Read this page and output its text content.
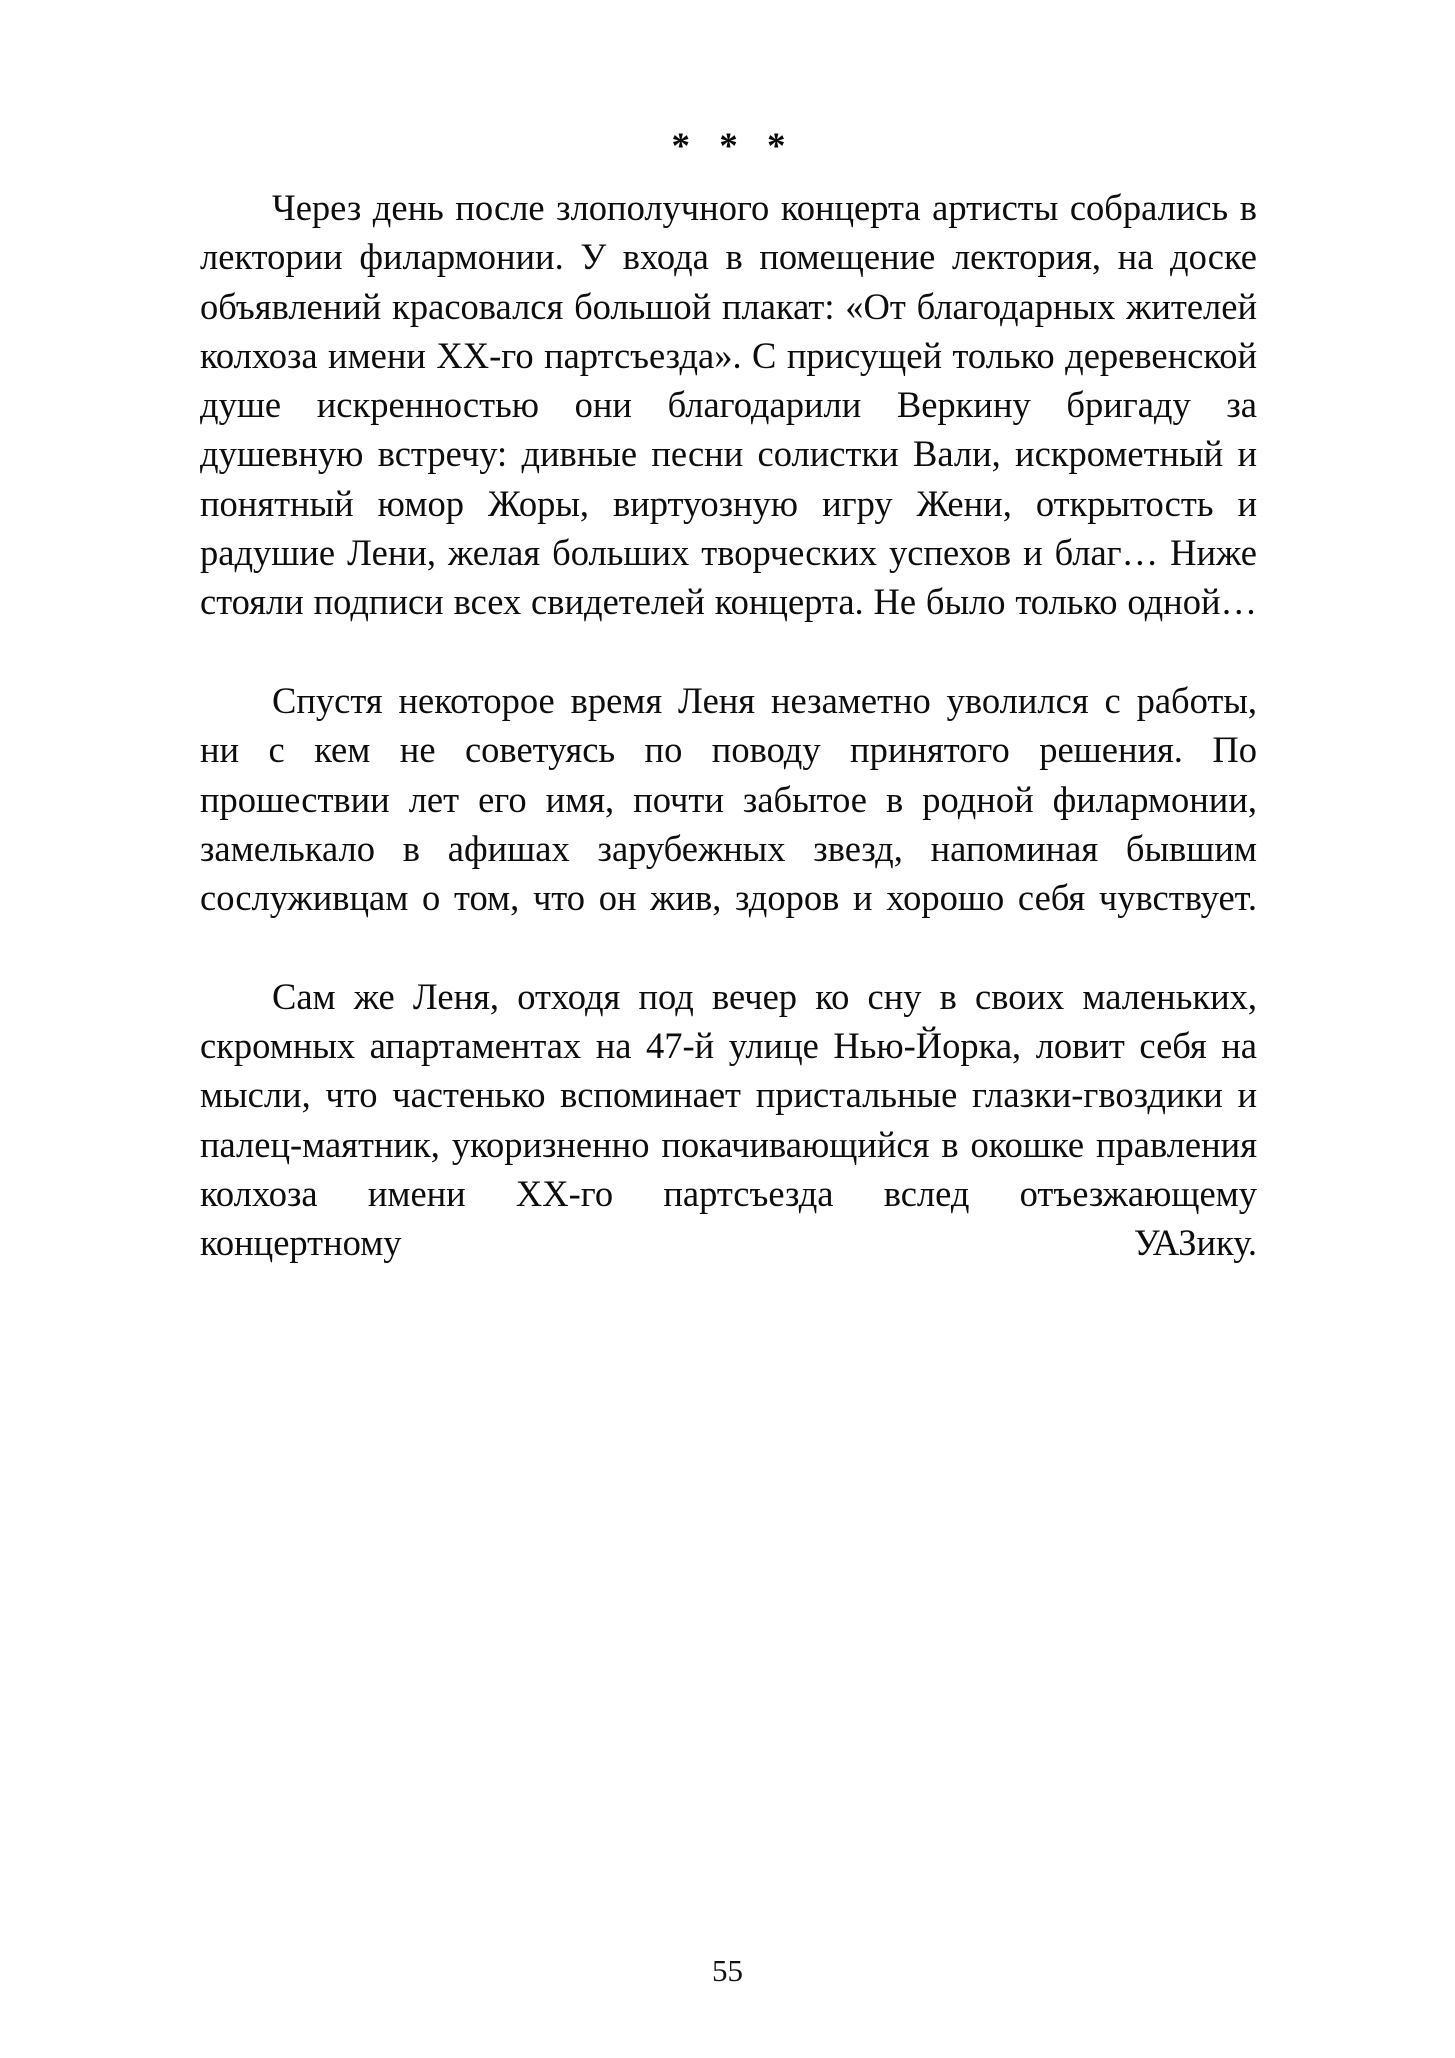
* * *

Через день после злополучного концерта артисты собрались в лектории филармонии. У входа в помещение лектория, на доске объявлений красовался большой плакат: «От благодарных жителей колхоза имени ХХ-го партсъезда». С присущей только деревенской душе искренностью они благодарили Веркину бригаду за душевную встречу: дивные песни солистки Вали, искрометный и понятный юмор Жоры, виртуозную игру Жени, открытость и радушие Лени, желая больших творческих успехов и благ… Ниже стояли подписи всех свидетелей концерта. Не было только одной…

Спустя некоторое время Леня незаметно уволился с работы, ни с кем не советуясь по поводу принятого решения. По прошествии лет его имя, почти забытое в родной филармонии, замелькало в афишах зарубежных звезд, напоминая бывшим сослуживцам о том, что он жив, здоров и хорошо себя чувствует.

Сам же Леня, отходя под вечер ко сну в своих маленьких, скромных апартаментах на 47-й улице Нью-Йорка, ловит себя на мысли, что частенько вспоминает пристальные глазки-гвоздики и палец-маятник, укоризненно покачивающийся в окошке правления колхоза имени ХХ-го партсъезда вслед отъезжающему концертному УАЗику.

55
